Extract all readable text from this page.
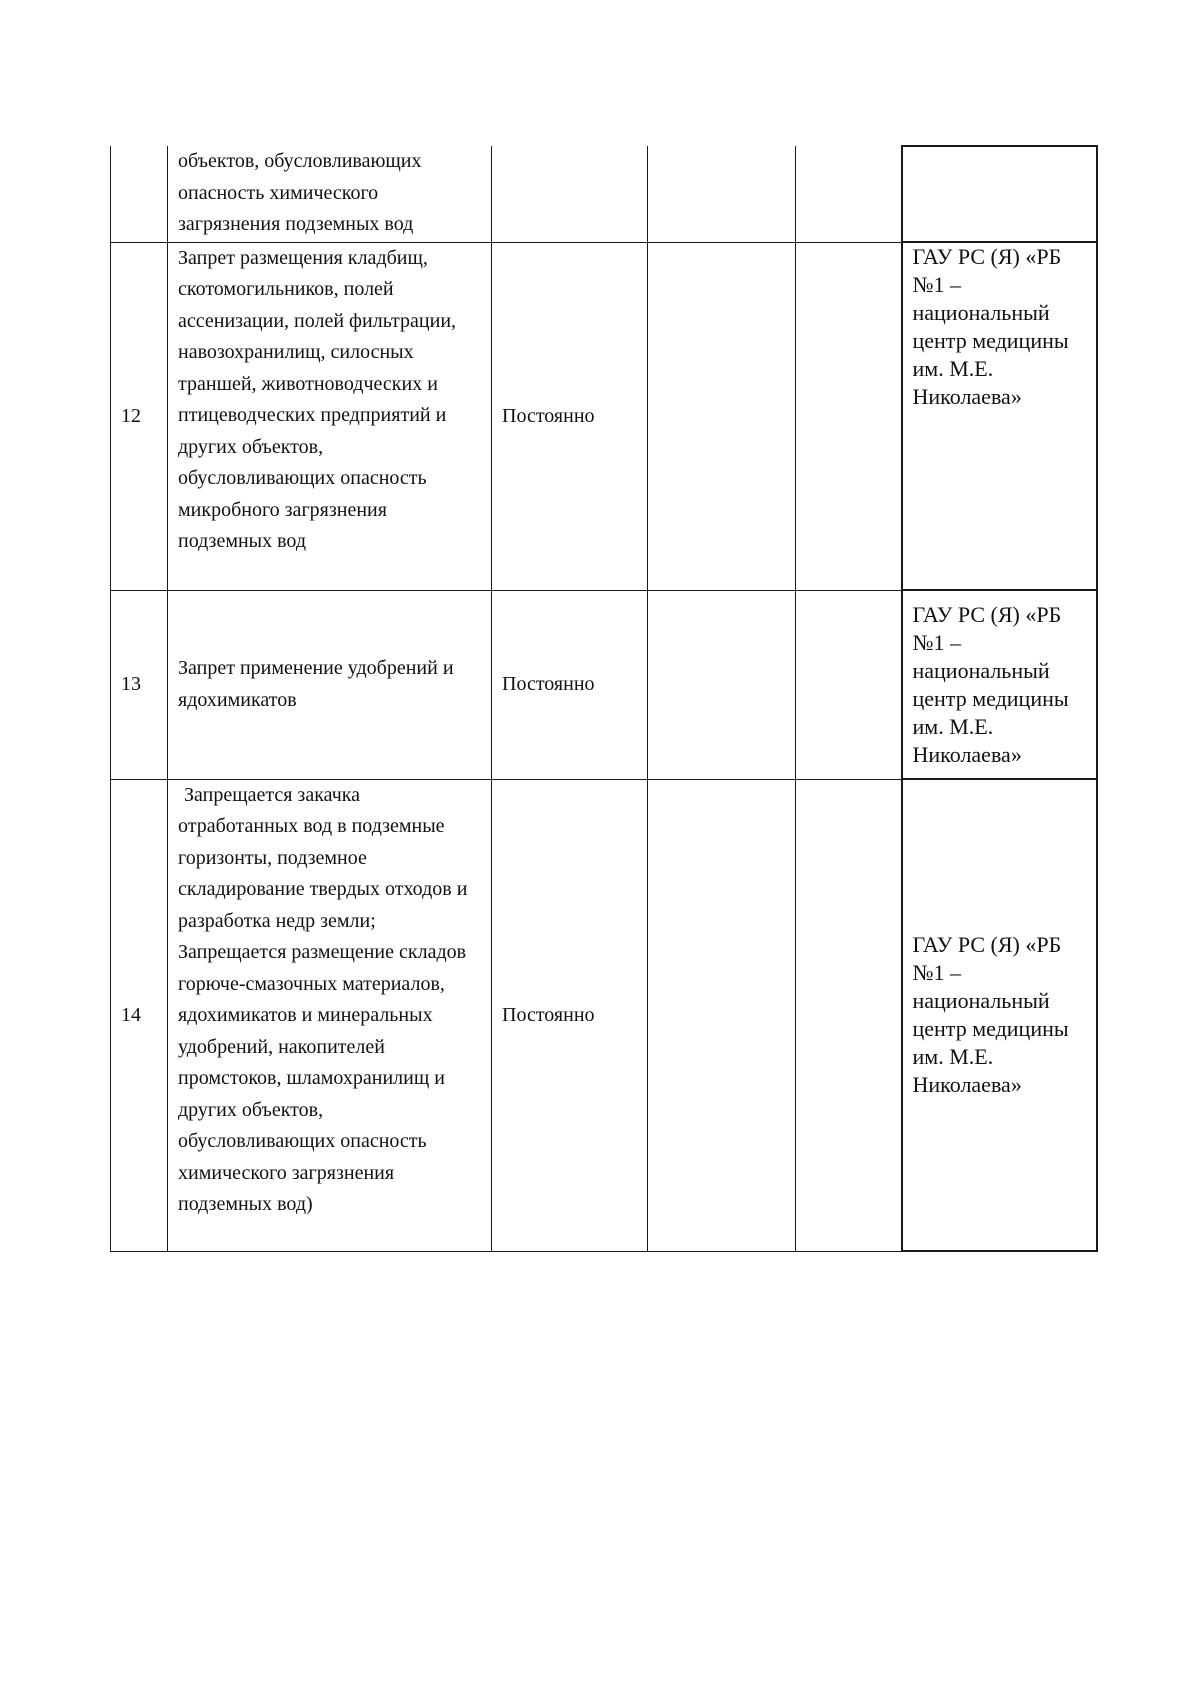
	объектов, обусловливающих опасность химического загрязнения подземных вод				
12	Запрет размещения кладбищ, скотомогильников, полей ассенизации, полей фильтрации, навозохранилищ, силосных траншей, животноводческих и птицеводческих предприятий и других объектов, обусловливающих опасность микробного загрязнения подземных вод	Постоянно			ГАУ РС (Я) «РБ №1 – национальный центр медицины им. М.Е. Николаева»
13	Запрет применение удобрений и ядохимикатов	Постоянно			ГАУ РС (Я) «РБ №1 – национальный центр медицины им. М.Е. Николаева»
14	Запрещается закачка отработанных вод в подземные горизонты, подземное складирование твердых отходов и разработка недр земли; Запрещается размещение складов горюче-смазочных материалов, ядохимикатов и минеральных удобрений, накопителей промстоков, шламохранилищ и других объектов, обусловливающих опасность химического загрязнения подземных вод)	Постоянно			ГАУ РС (Я) «РБ №1 – национальный центр медицины им. М.Е. Николаева»
